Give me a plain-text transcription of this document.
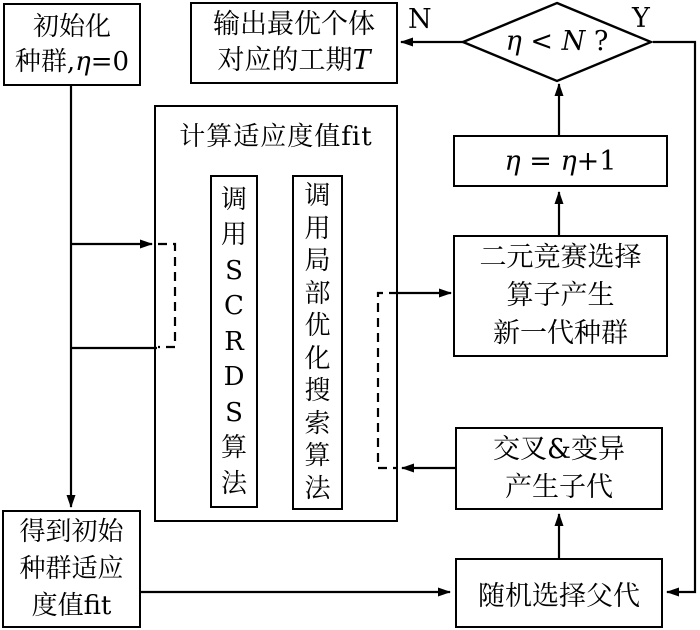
计算适应度值fit
初始化
种群,η=0
输出最优个体
对应的工期T
η = η+1
二元竞赛选择
算子产生
新一代种群
交叉&变异
产生子代
随机选择父代
得到初始
种群适应
度值fit
调
用
S
C
R
D
S
算
法
调
用
局
部
优
化
搜
索
算
法
η < N ?
N	Y
